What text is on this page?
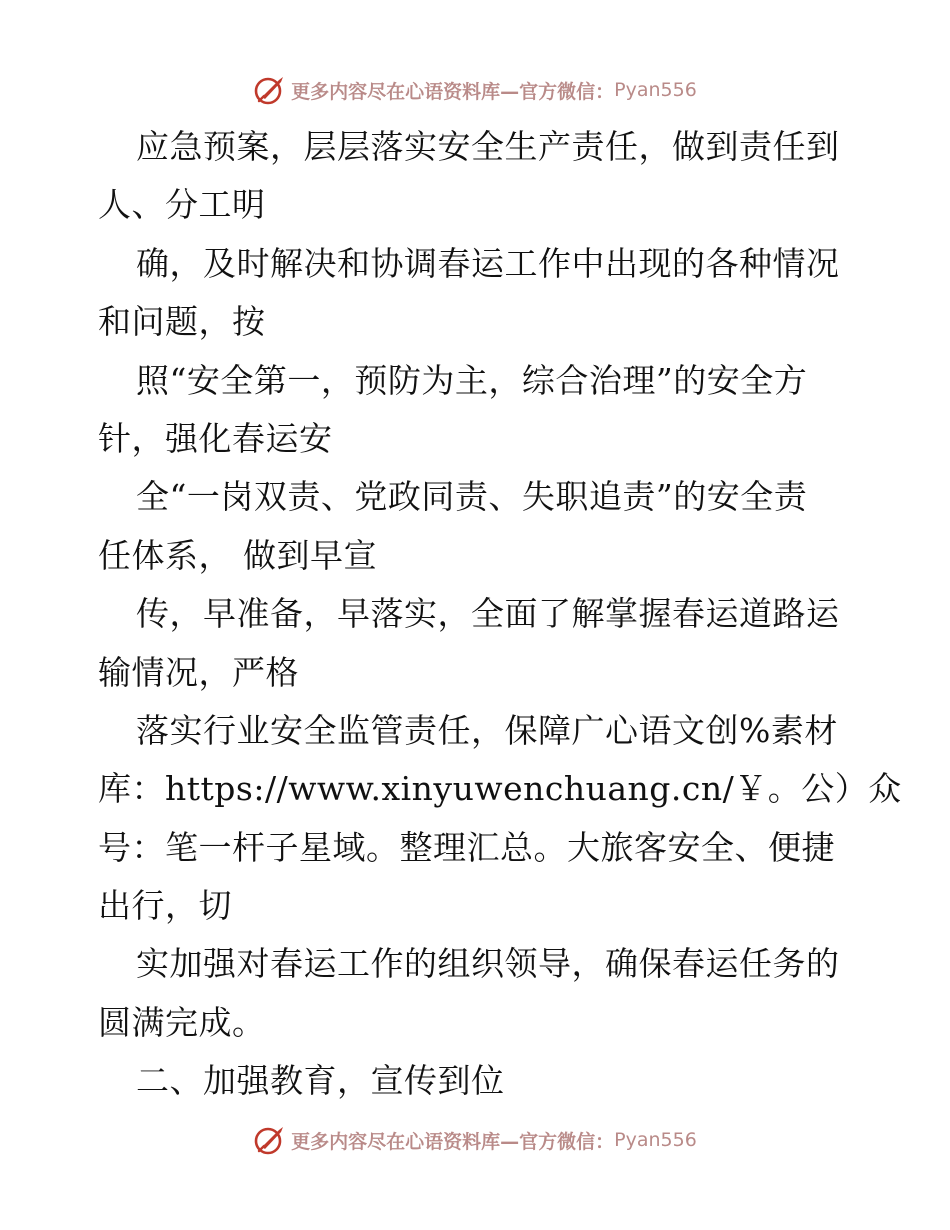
更多内容尽在心语资料库—官方微信： Pyan556
应急预案，层层落实安全生产责任，做到责任到
人、分工明
确，及时解决和协调春运工作中出现的各种情况
和问题，按
照“安全第一，预防为主，综合治理”的安全方
针，强化春运安
全“一岗双责、党政同责、失职追责”的安全责
任体系， 做到早宣
传，早准备，早落实，全面了解掌握春运道路运
输情况，严格
落实行业安全监管责任，保障广心语文创%素材
库：https://www.xinyuwenchuang.cn/￥。公）众
号：笔一杆子星域。整理汇总。大旅客安全、便捷
出行，切
实加强对春运工作的组织领导，确保春运任务的
圆满完成。
二、加强教育，宣传到位
更多内容尽在心语资料库—官方微信： Pyan556
